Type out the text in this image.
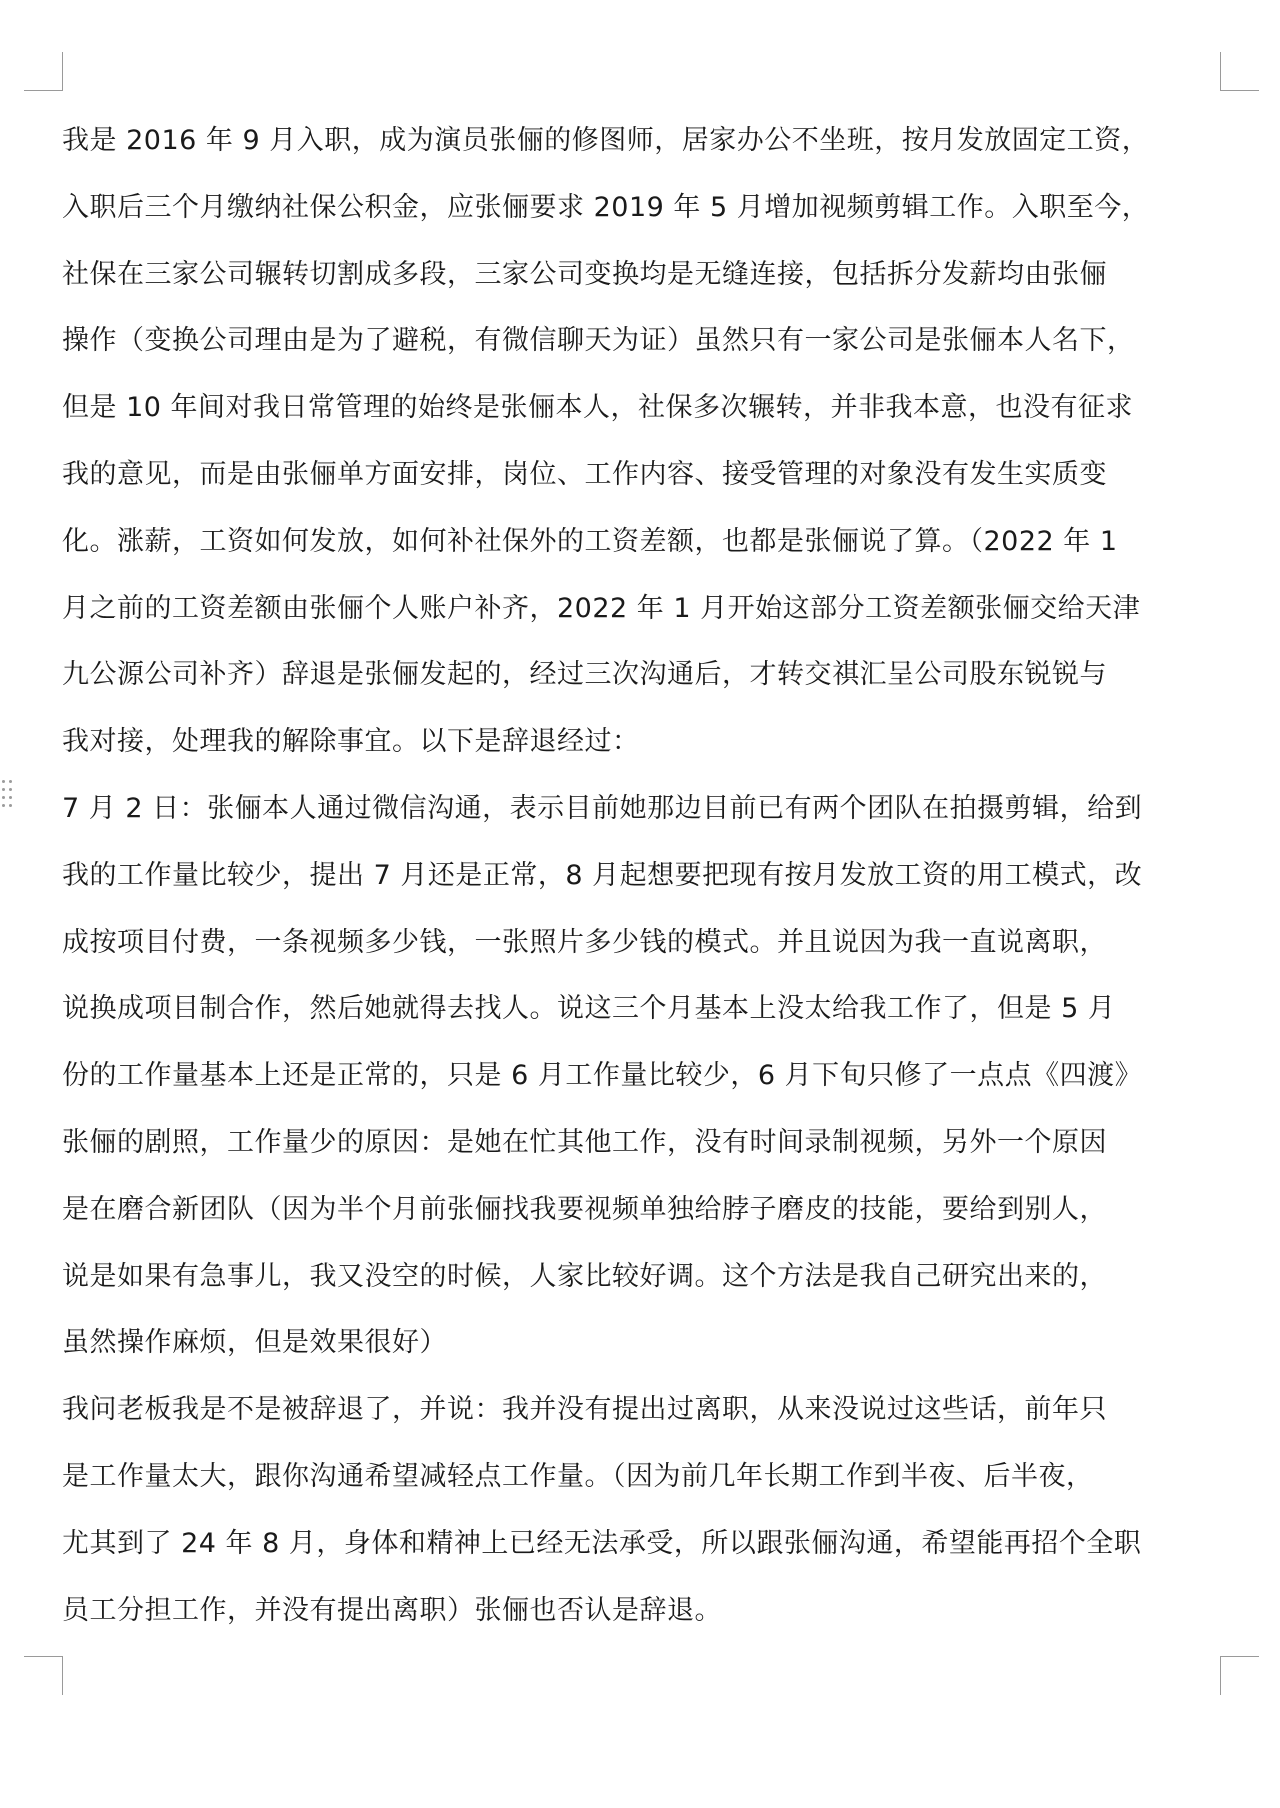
我是 2016 年 9 月入职，成为演员张俪的修图师，居家办公不坐班，按月发放固定工资，
入职后三个月缴纳社保公积金，应张俪要求 2019 年 5 月增加视频剪辑工作。入职至今，
社保在三家公司辗转切割成多段，三家公司变换均是无缝连接，包括拆分发薪均由张俪
操作（变换公司理由是为了避税，有微信聊天为证）虽然只有一家公司是张俪本人名下，
但是 10 年间对我日常管理的始终是张俪本人，社保多次辗转，并非我本意，也没有征求
我的意见，而是由张俪单方面安排，岗位、工作内容、接受管理的对象没有发生实质变
化。涨薪，工资如何发放，如何补社保外的工资差额，也都是张俪说了算。（2022 年 1
月之前的工资差额由张俪个人账户补齐，2022 年 1 月开始这部分工资差额张俪交给天津
九公源公司补齐）辞退是张俪发起的，经过三次沟通后，才转交祺汇呈公司股东锐锐与
我对接，处理我的解除事宜。以下是辞退经过：
7 月 2 日：张俪本人通过微信沟通，表示目前她那边目前已有两个团队在拍摄剪辑，给到
我的工作量比较少，提出 7 月还是正常，8 月起想要把现有按月发放工资的用工模式，改
成按项目付费，一条视频多少钱，一张照片多少钱的模式。并且说因为我一直说离职，
说换成项目制合作，然后她就得去找人。说这三个月基本上没太给我工作了，但是 5 月
份的工作量基本上还是正常的，只是 6 月工作量比较少，6 月下旬只修了一点点《四渡》
张俪的剧照，工作量少的原因：是她在忙其他工作，没有时间录制视频，另外一个原因
是在磨合新团队（因为半个月前张俪找我要视频单独给脖子磨皮的技能，要给到别人，
说是如果有急事儿，我又没空的时候，人家比较好调。这个方法是我自己研究出来的，
虽然操作麻烦，但是效果很好）
我问老板我是不是被辞退了，并说：我并没有提出过离职，从来没说过这些话，前年只
是工作量太大，跟你沟通希望减轻点工作量。（因为前几年长期工作到半夜、后半夜，
尤其到了 24 年 8 月，身体和精神上已经无法承受，所以跟张俪沟通，希望能再招个全职
员工分担工作，并没有提出离职）张俪也否认是辞退。
